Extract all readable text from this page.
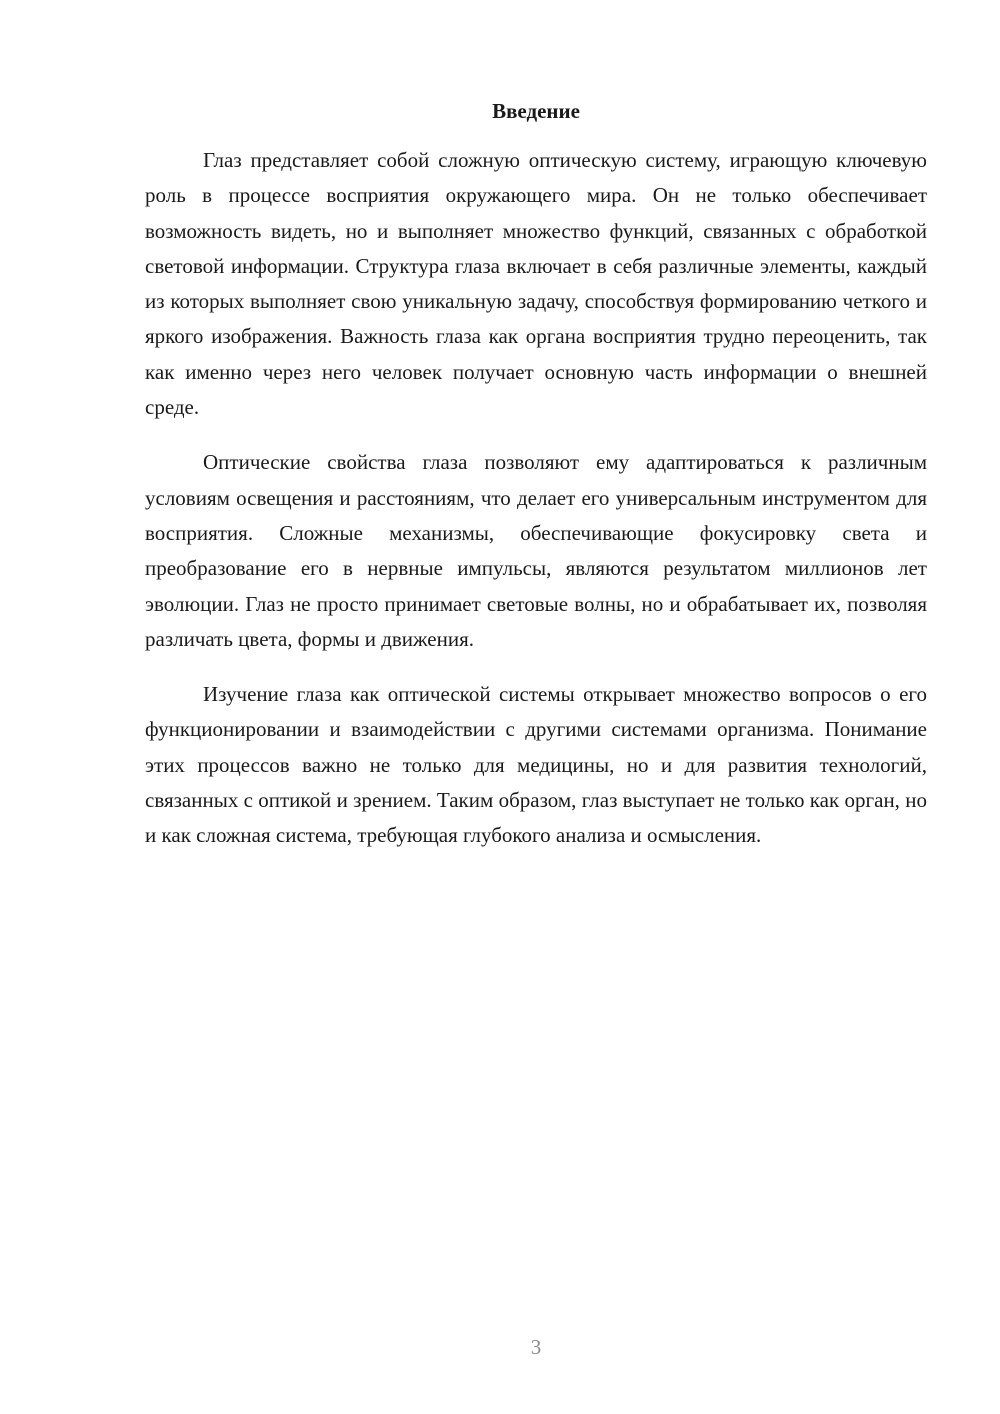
Введение

Глаз представляет собой сложную оптическую систему, играющую ключевую роль в процессе восприятия окружающего мира. Он не только обеспечивает возможность видеть, но и выполняет множество функций, связанных с обработкой световой информации. Структура глаза включает в себя различные элементы, каждый из которых выполняет свою уникальную задачу, способствуя формированию четкого и яркого изображения. Важность глаза как органа восприятия трудно переоценить, так как именно через него человек получает основную часть информации о внешней среде.

Оптические свойства глаза позволяют ему адаптироваться к различным условиям освещения и расстояниям, что делает его универсальным инструментом для восприятия. Сложные механизмы, обеспечивающие фокусировку света и преобразование его в нервные импульсы, являются результатом миллионов лет эволюции. Глаз не просто принимает световые волны, но и обрабатывает их, позволяя различать цвета, формы и движения.

Изучение глаза как оптической системы открывает множество вопросов о его функционировании и взаимодействии с другими системами организма. Понимание этих процессов важно не только для медицины, но и для развития технологий, связанных с оптикой и зрением. Таким образом, глаз выступает не только как орган, но и как сложная система, требующая глубокого анализа и осмысления.

3
